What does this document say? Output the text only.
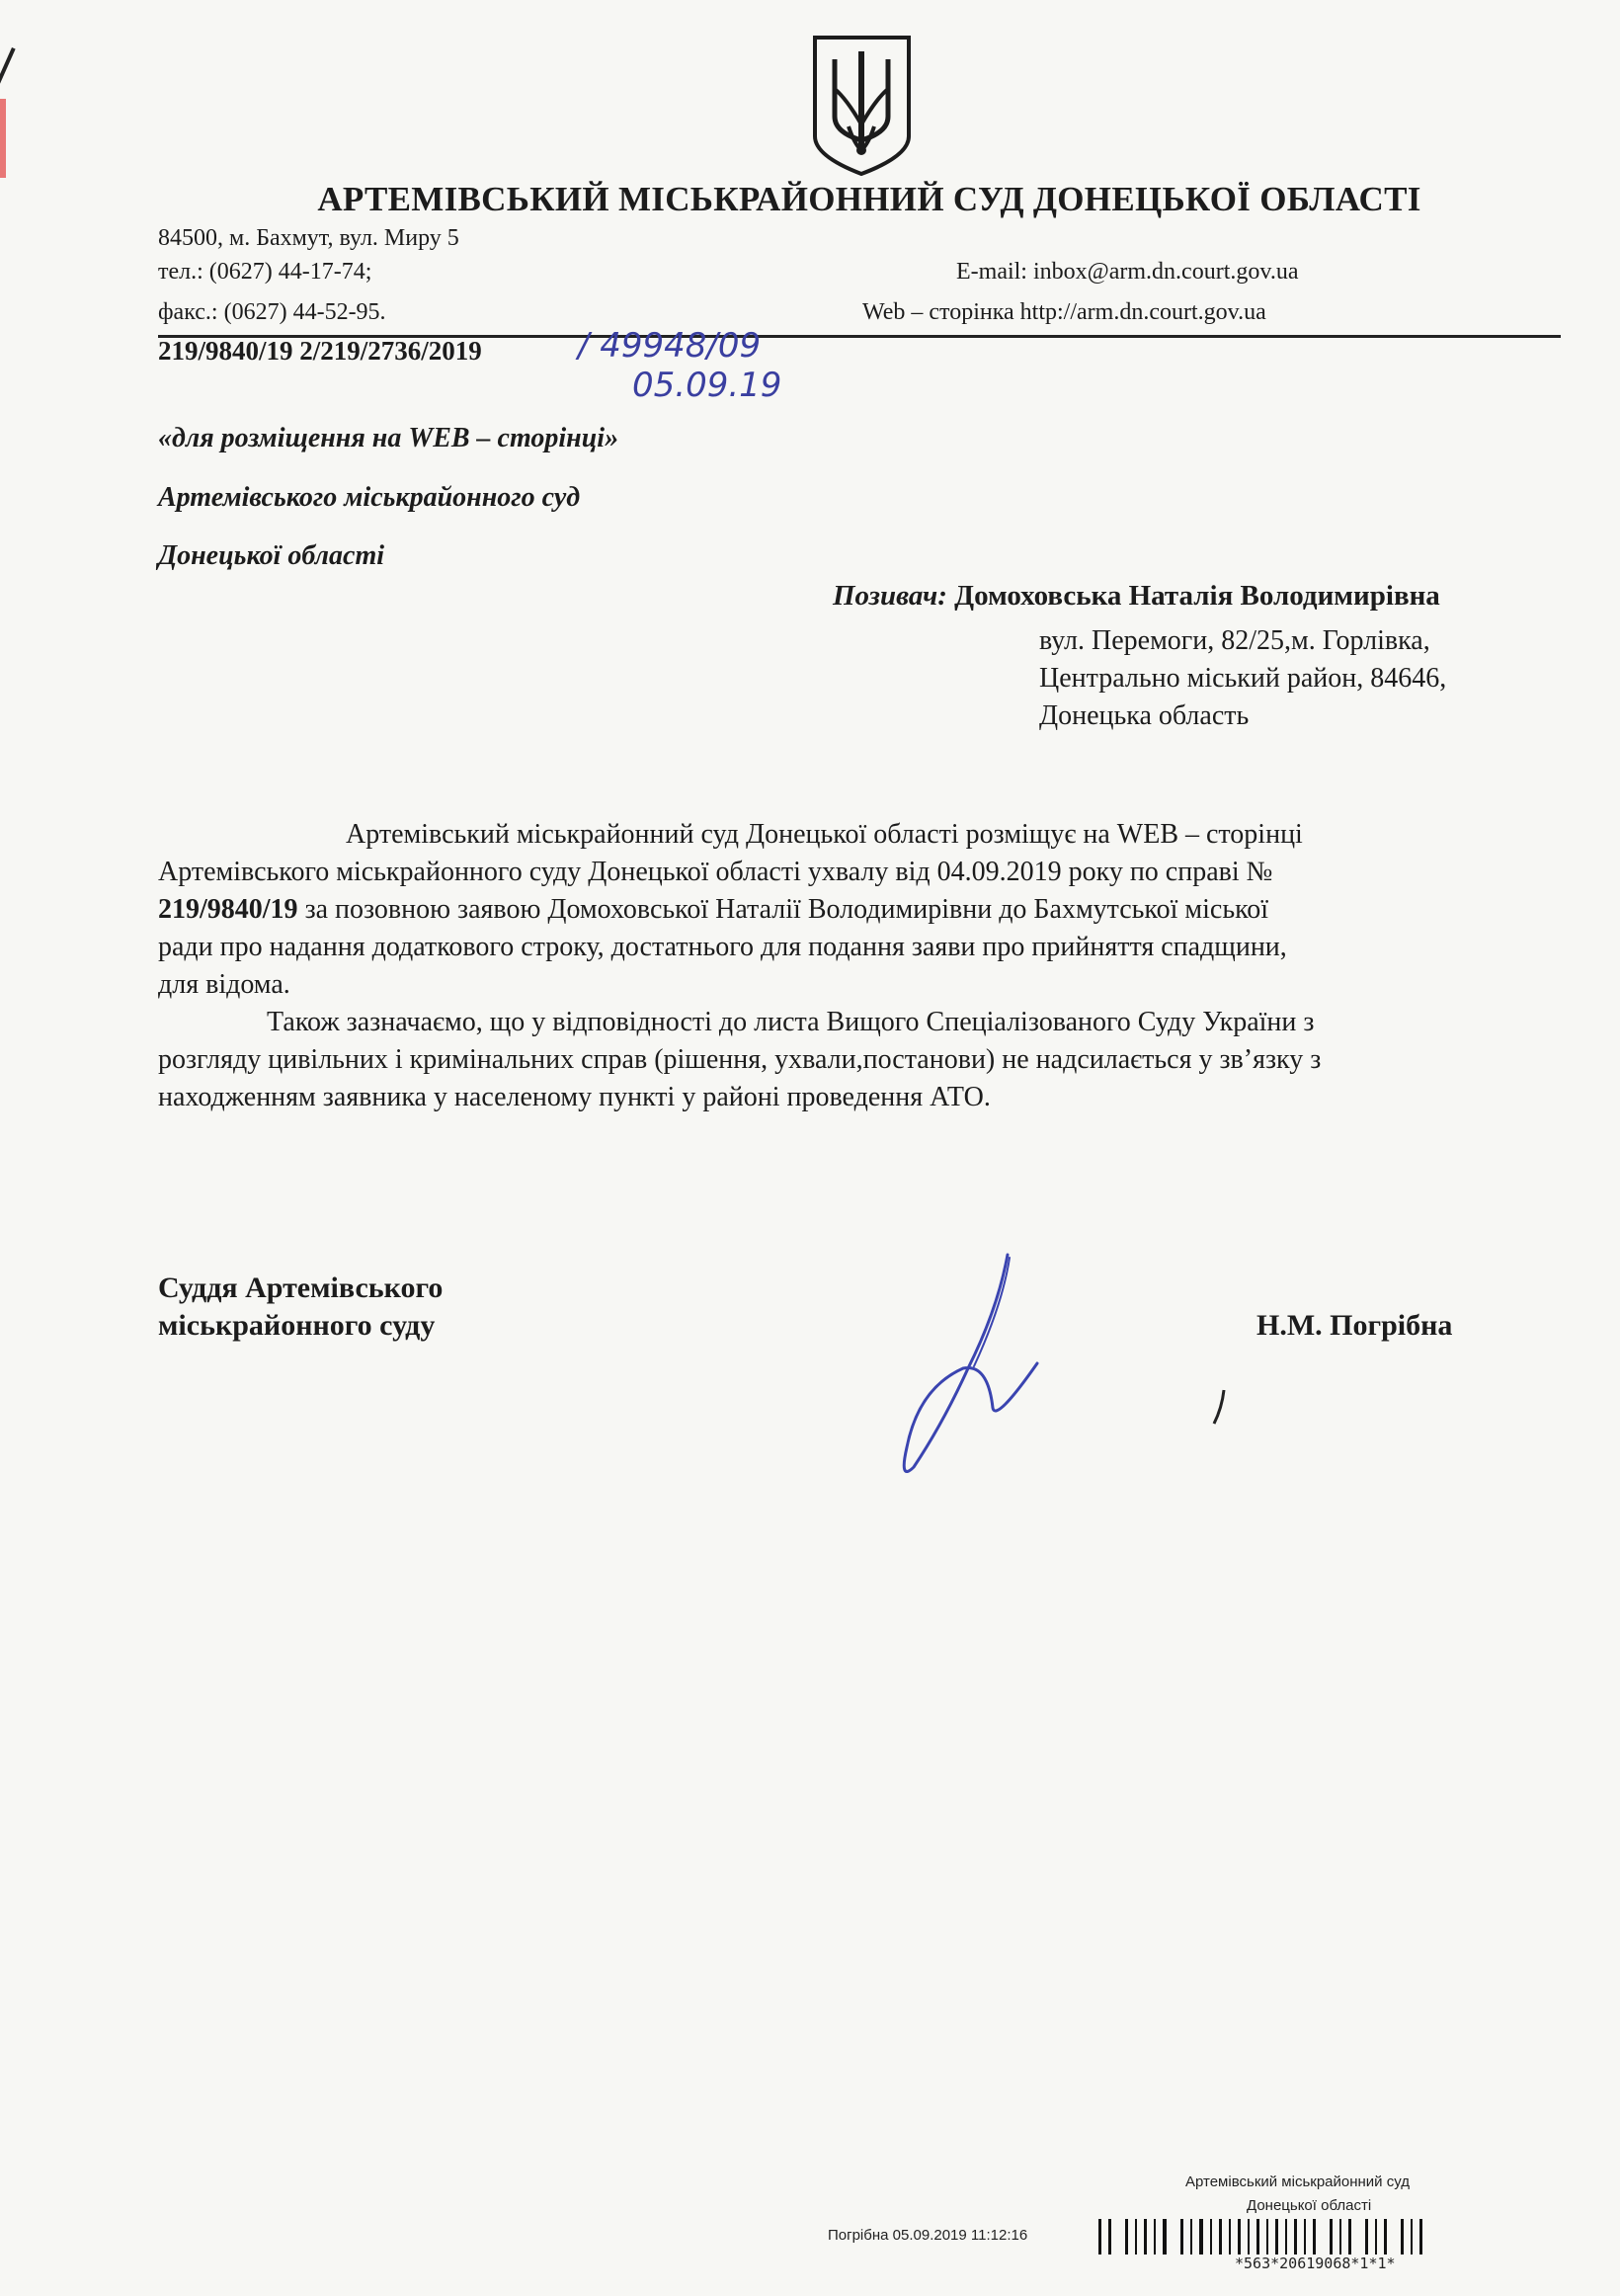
АРТЕМІВСЬКИЙ МІСЬКРАЙОННИЙ СУД ДОНЕЦЬКОЇ ОБЛАСТІ
84500, м. Бахмут, вул. Миру 5
тел.: (0627) 44-17-74;
факс.: (0627) 44-52-95.
E-mail: inbox@arm.dn.court.gov.ua
Web – сторінка http://arm.dn.court.gov.ua
219/9840/19 2/219/2736/2019	/ 49948/09
05.09.19
«для розміщення на WEB – сторінці»
Артемівського міськрайонного суд
Донецької області
Позивач: Домоховська Наталія Володимирівна
вул. Перемоги, 82/25,м. Горлівка,
Центрально міський район, 84646,
Донецька область
Артемівський міськрайонний суд Донецької області розміщує на WEB – сторінці
Артемівського міськрайонного суду Донецької області ухвалу від 04.09.2019 року по справі №
219/9840/19 за позовною заявою Домоховської Наталії Володимирівни до Бахмутської міської
ради про надання додаткового строку, достатнього для подання заяви про прийняття спадщини,
для відома.
Також зазначаємо, що у відповідності до листа Вищого Спеціалізованого Суду України з
розгляду цивільних і кримінальних справ (рішення, ухвали,постанови) не надсилається у зв’язку з
находженням заявника у населеному пункті у районі проведення АТО.
Суддя Артемівського
міськрайонного суду	Н.М. Погрібна
Артемівський міськрайонний суд
Донецької області
Погрібна 05.09.2019 11:12:16
*563*20619068*1*1*
